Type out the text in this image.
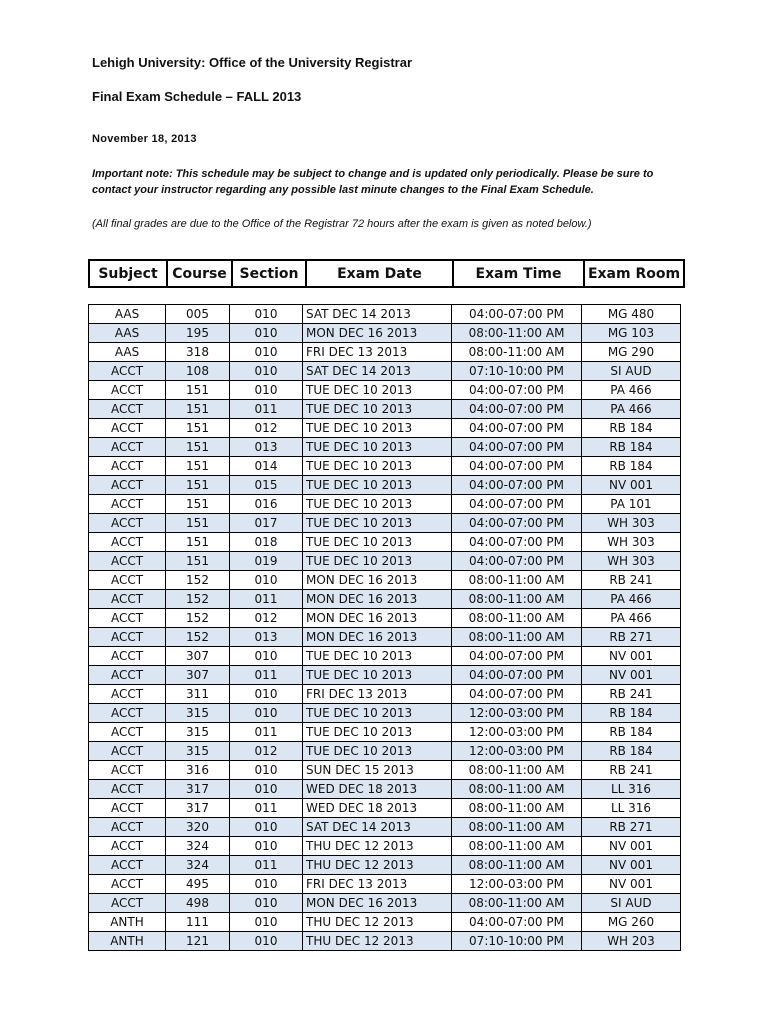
Lehigh University: Office of the University Registrar
Final Exam Schedule – FALL 2013
November 18, 2013
Important note: This schedule may be subject to change and is updated only periodically. Please be sure to contact your instructor regarding any possible last minute changes to the Final Exam Schedule.
(All final grades are due to the Office of the Registrar 72 hours after the exam is given as noted below.)
Subject	Course	Section	Exam Date	Exam Time	Exam Room
AAS	005	010	SAT DEC 14 2013	04:00-07:00 PM	MG 480
AAS	195	010	MON DEC 16 2013	08:00-11:00 AM	MG 103
AAS	318	010	FRI DEC 13 2013	08:00-11:00 AM	MG 290
ACCT	108	010	SAT DEC 14 2013	07:10-10:00 PM	SI AUD
ACCT	151	010	TUE DEC 10 2013	04:00-07:00 PM	PA 466
ACCT	151	011	TUE DEC 10 2013	04:00-07:00 PM	PA 466
ACCT	151	012	TUE DEC 10 2013	04:00-07:00 PM	RB 184
ACCT	151	013	TUE DEC 10 2013	04:00-07:00 PM	RB 184
ACCT	151	014	TUE DEC 10 2013	04:00-07:00 PM	RB 184
ACCT	151	015	TUE DEC 10 2013	04:00-07:00 PM	NV 001
ACCT	151	016	TUE DEC 10 2013	04:00-07:00 PM	PA 101
ACCT	151	017	TUE DEC 10 2013	04:00-07:00 PM	WH 303
ACCT	151	018	TUE DEC 10 2013	04:00-07:00 PM	WH 303
ACCT	151	019	TUE DEC 10 2013	04:00-07:00 PM	WH 303
ACCT	152	010	MON DEC 16 2013	08:00-11:00 AM	RB 241
ACCT	152	011	MON DEC 16 2013	08:00-11:00 AM	PA 466
ACCT	152	012	MON DEC 16 2013	08:00-11:00 AM	PA 466
ACCT	152	013	MON DEC 16 2013	08:00-11:00 AM	RB 271
ACCT	307	010	TUE DEC 10 2013	04:00-07:00 PM	NV 001
ACCT	307	011	TUE DEC 10 2013	04:00-07:00 PM	NV 001
ACCT	311	010	FRI DEC 13 2013	04:00-07:00 PM	RB 241
ACCT	315	010	TUE DEC 10 2013	12:00-03:00 PM	RB 184
ACCT	315	011	TUE DEC 10 2013	12:00-03:00 PM	RB 184
ACCT	315	012	TUE DEC 10 2013	12:00-03:00 PM	RB 184
ACCT	316	010	SUN DEC 15 2013	08:00-11:00 AM	RB 241
ACCT	317	010	WED DEC 18 2013	08:00-11:00 AM	LL 316
ACCT	317	011	WED DEC 18 2013	08:00-11:00 AM	LL 316
ACCT	320	010	SAT DEC 14 2013	08:00-11:00 AM	RB 271
ACCT	324	010	THU DEC 12 2013	08:00-11:00 AM	NV 001
ACCT	324	011	THU DEC 12 2013	08:00-11:00 AM	NV 001
ACCT	495	010	FRI DEC 13 2013	12:00-03:00 PM	NV 001
ACCT	498	010	MON DEC 16 2013	08:00-11:00 AM	SI AUD
ANTH	111	010	THU DEC 12 2013	04:00-07:00 PM	MG 260
ANTH	121	010	THU DEC 12 2013	07:10-10:00 PM	WH 203
